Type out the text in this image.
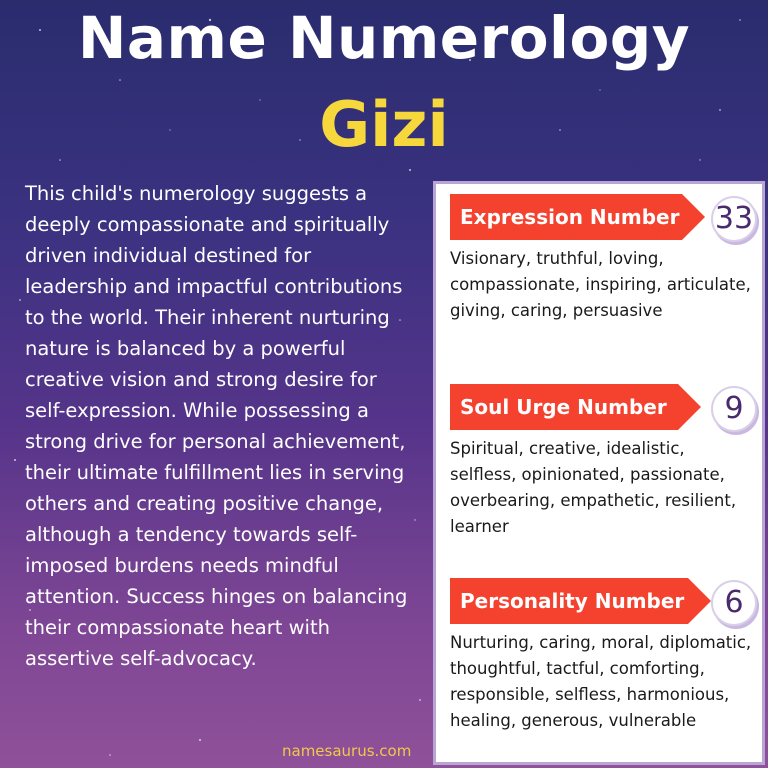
Name Numerology
Gizi
This child's numerology suggests a deeply compassionate and spiritually driven individual destined for leadership and impactful contributions to the world. Their inherent nurturing nature is balanced by a powerful creative vision and strong desire for self-expression. While possessing a strong drive for personal achievement, their ultimate fulfillment lies in serving others and creating positive change, although a tendency towards self-imposed burdens needs mindful attention. Success hinges on balancing their compassionate heart with assertive self-advocacy.
namesaurus.com
Expression Number 33
Visionary, truthful, loving, compassionate, inspiring, articulate, giving, caring, persuasive
Soul Urge Number	9
Spiritual, creative, idealistic, selfless, opinionated, passionate, overbearing, empathetic, resilient, learner
Personality Number	6
Nurturing, caring, moral, diplomatic, thoughtful, tactful, comforting, responsible, selfless, harmonious, healing, generous, vulnerable
